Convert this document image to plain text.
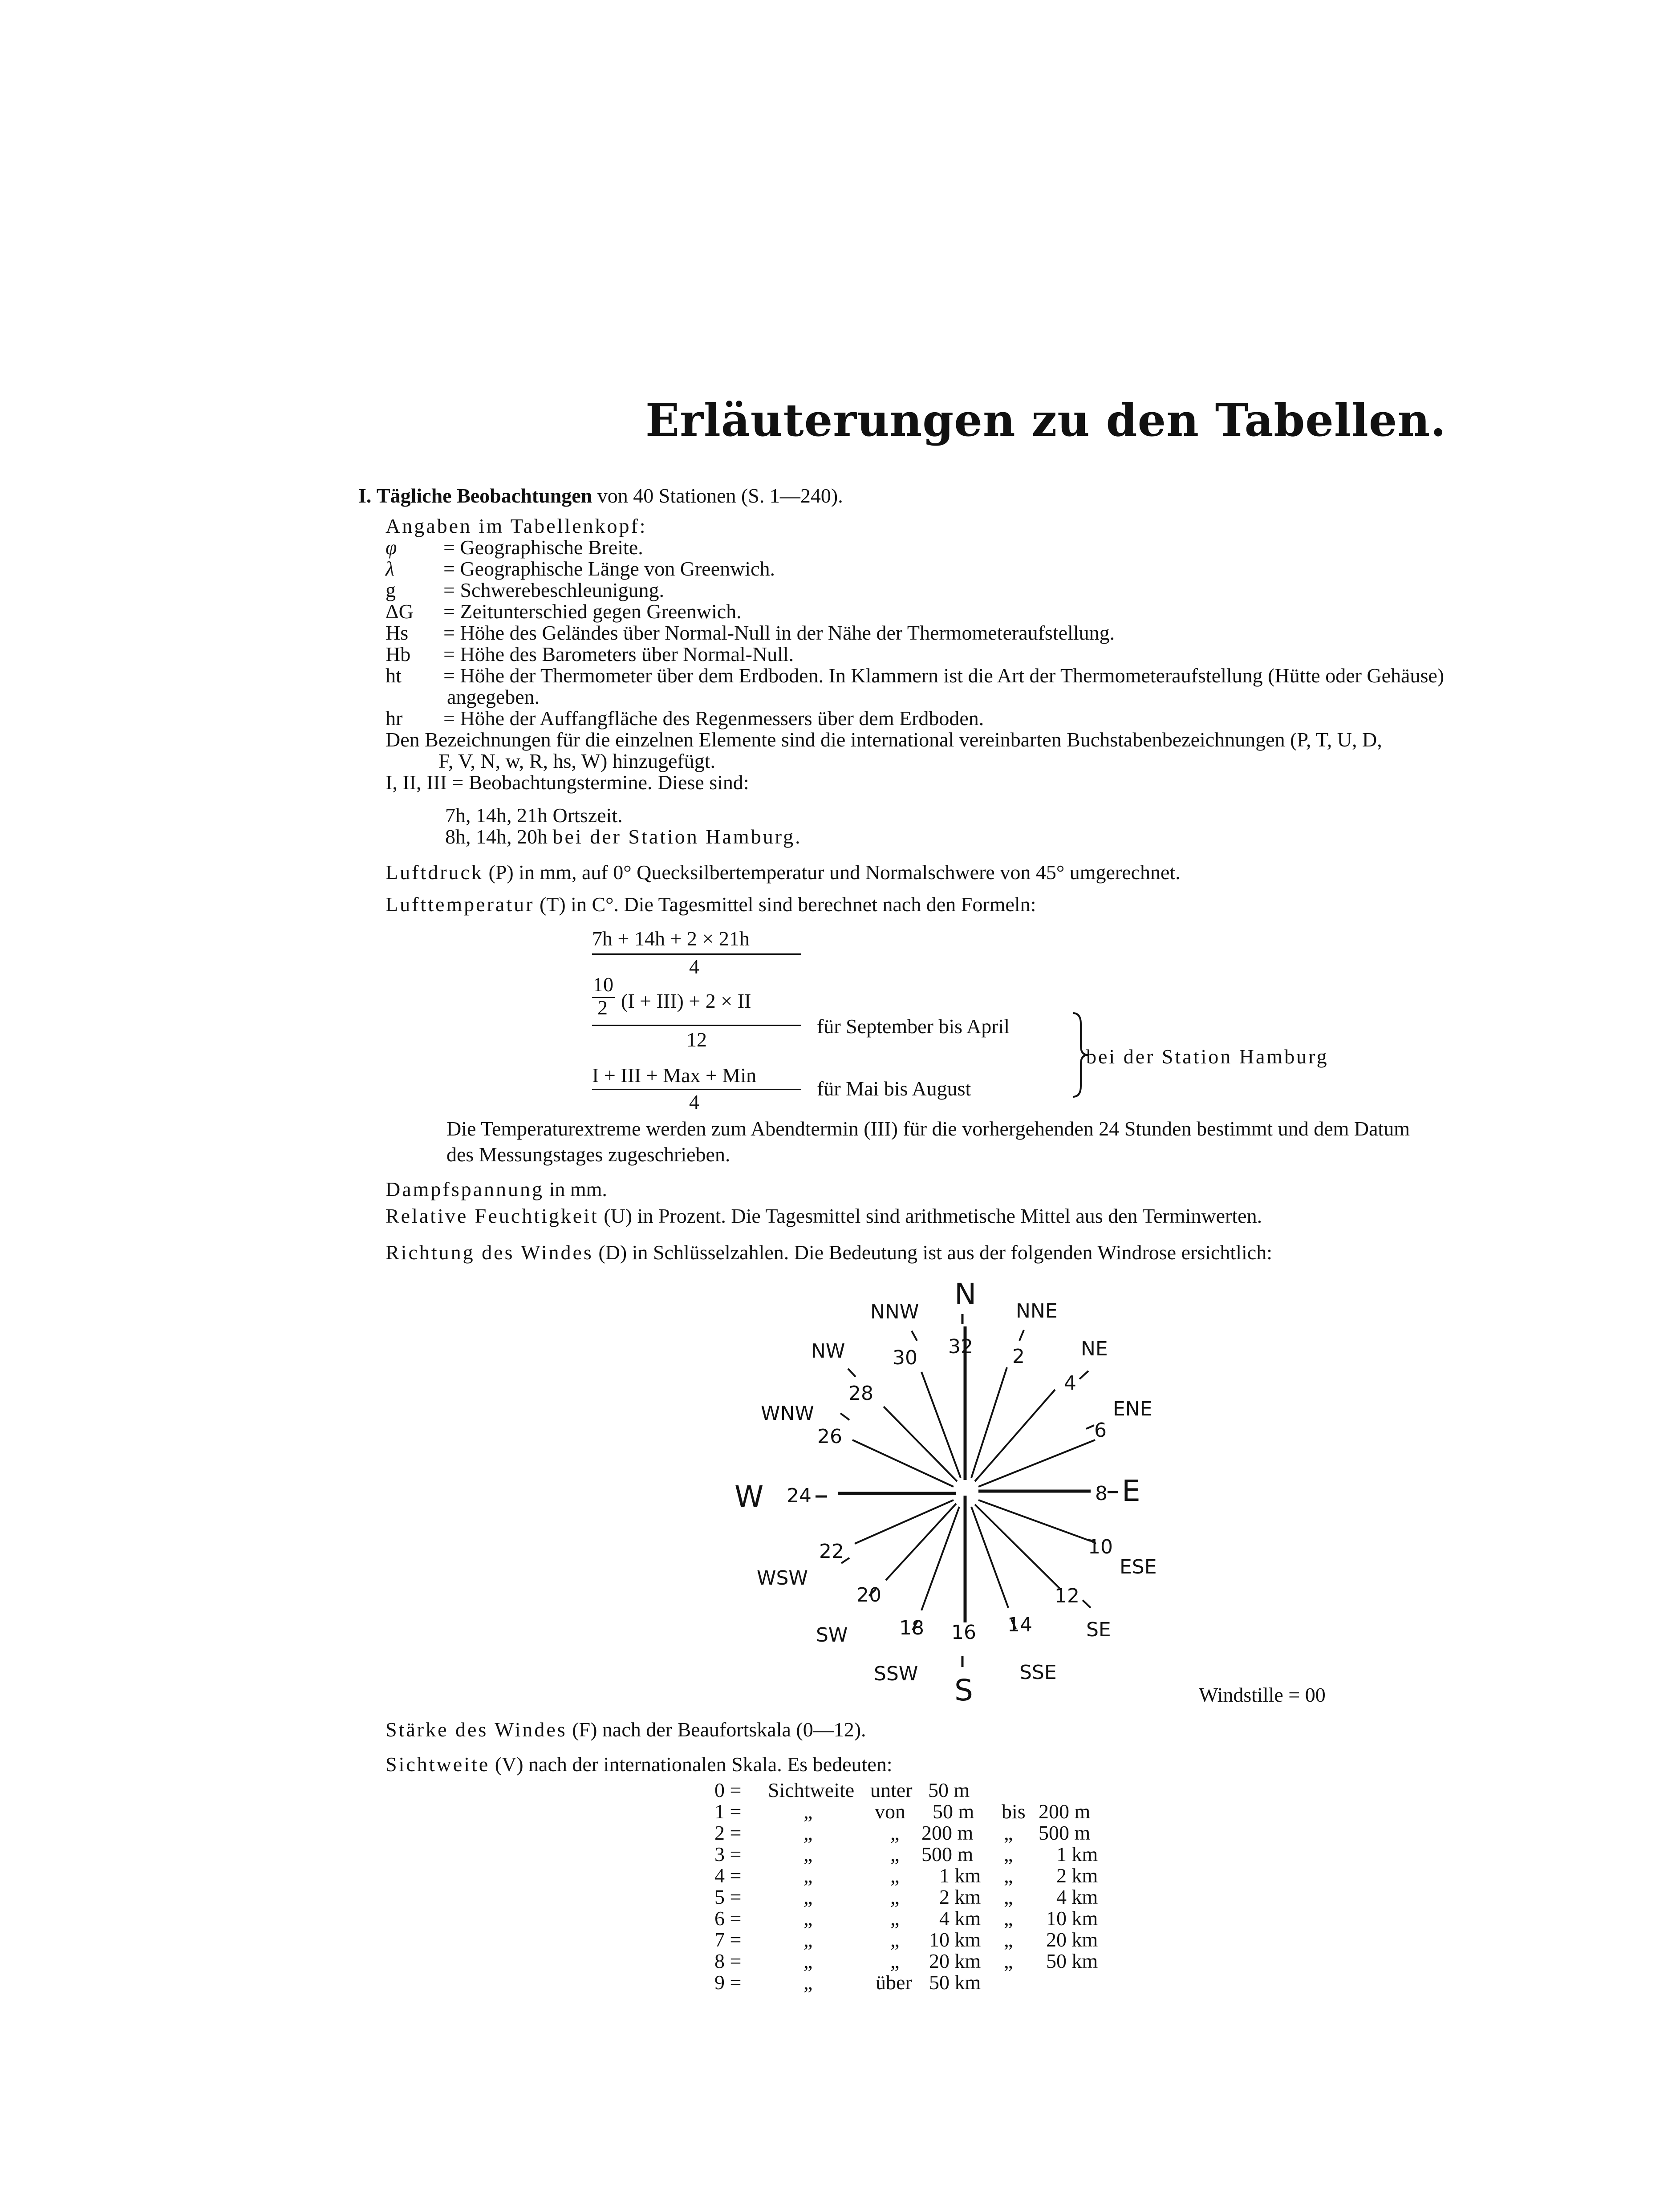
Erläuterungen zu den Tabellen.
I. Tägliche Beobachtungen von 40 Stationen (S. 1—240).
Angaben im Tabellenkopf:
φ = Geographische Breite.
λ = Geographische Länge von Greenwich.
g = Schwerebeschleunigung.
ΔG = Zeitunterschied gegen Greenwich.
Hs = Höhe des Geländes über Normal-Null in der Nähe der Thermometeraufstellung.
Hb = Höhe des Barometers über Normal-Null.
ht = Höhe der Thermometer über dem Erdboden. In Klammern ist die Art der Thermometeraufstellung (Hütte oder Gehäuse)
angegeben.
hr = Höhe der Auffangfläche des Regenmessers über dem Erdboden.
Den Bezeichnungen für die einzelnen Elemente sind die international vereinbarten Buchstabenbezeichnungen (P, T, U, D,
F, V, N, w, R, hs, W) hinzugefügt.
I, II, III = Beobachtungstermine. Diese sind:
7h, 14h, 21h Ortszeit.
8h, 14h, 20h bei der Station Hamburg.
Luftdruck (P) in mm, auf 0° Quecksilbertemperatur und Normalschwere von 45° umgerechnet.
Lufttemperatur (T) in C°. Die Tagesmittel sind berechnet nach den Formeln:
7h + 14h + 2 × 21h
4
10
2 (I + III) + 2 × II
12
für September bis April
I + III + Max + Min
4
für Mai bis August
bei der Station Hamburg
Die Temperaturextreme werden zum Abendtermin (III) für die vorhergehenden 24 Stunden bestimmt und dem Datum
des Messungstages zugeschrieben.
Dampfspannung in mm.
Relative Feuchtigkeit (U) in Prozent. Die Tagesmittel sind arithmetische Mittel aus den Terminwerten.
Richtung des Windes (D) in Schlüsselzahlen. Die Bedeutung ist aus der folgenden Windrose ersichtlich:
N
S
W	E
NNW	NNE
NW	NE
WNW	ENE
WSW	ESE
SW	SE
SSW	SSE
32 2
4
6
8
10
12
14
16
18
20
22
24
26
28
30
Windstille = 00
Stärke des Windes (F) nach der Beaufortskala (0—12).
Sichtweite (V) nach der internationalen Skala. Es bedeuten:
0 = Sichtweite unter 50 m
1 =	„	von 50 m bis 200 m
2 =	„	„ 200 m „ 500 m
3 =	„	„ 500 m „ 1 km
4 =	„	„ 1 km „ 2 km
5 =	„	„ 2 km „ 4 km
6 =	„	„ 4 km „ 10 km
7 =	„	„ 10 km „ 20 km
8 =	„	„ 20 km „ 50 km
9 =	„	über 50 km
